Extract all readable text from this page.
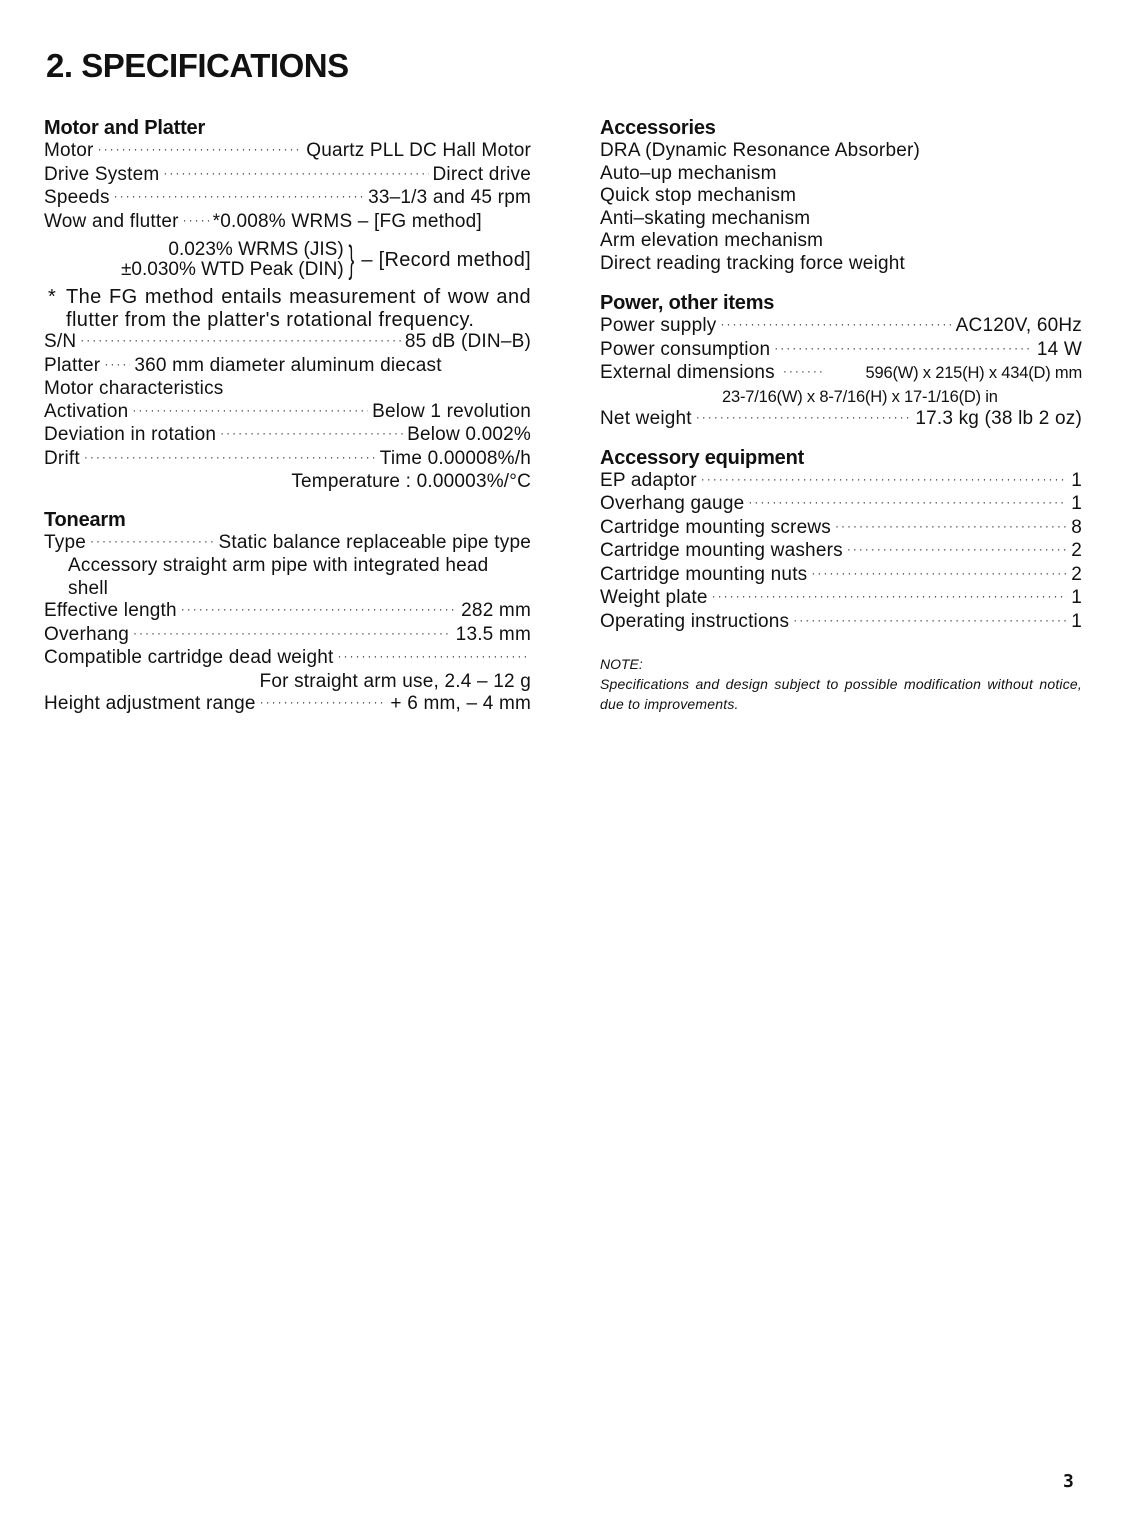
2. SPECIFICATIONS
Motor and Platter
Motor ·····	Quartz PLL DC Hall Motor
Drive System ·····	Direct drive
Speeds ·····	33–1/3 and 45 rpm
Wow and flutter ····· *0.008% WRMS – [FG method]
0.023% WRMS (JIS)
±0.030% WTD Peak (DIN) } – [Record method]
* The FG method entails measurement of wow and flutter from the platter's rotational frequency.
S/N ·····	85 dB (DIN–B)
Platter ····· 360 mm diameter aluminum diecast
Motor characteristics
Activation ·····	Below 1 revolution
Deviation in rotation ·····	Below 0.002%
Drift ·····	Time 0.00008%/h
Temperature : 0.00003%/°C
Tonearm
Type ·····	Static balance replaceable pipe type
Accessory straight arm pipe with integrated head shell
Effective length ·····	282 mm
Overhang ·····	13.5 mm
Compatible cartridge dead weight
·····
For straight arm use, 2.4 – 12 g
Height adjustment range ·····	+ 6 mm, – 4 mm
Accessories
DRA (Dynamic Resonance Absorber)
Auto–up mechanism
Quick stop mechanism
Anti–skating mechanism
Arm elevation mechanism
Direct reading tracking force weight
Power, other items
Power supply ·····	AC120V, 60Hz
Power consumption ·····	14 W
External dimensions ·····	596(W) x 215(H) x 434(D) mm
23-7/16(W) x 8-7/16(H) x 17-1/16(D) in
Net weight ·····	17.3 kg (38 lb 2 oz)
Accessory equipment
EP adaptor ·····	1
Overhang gauge ·····	1
Cartridge mounting screws ·····	8
Cartridge mounting washers ·····	2
Cartridge mounting nuts ·····	2
Weight plate ·····	1
Operating instructions ·····	1
NOTE:
Specifications and design subject to possible modification without notice, due to improvements.
3
